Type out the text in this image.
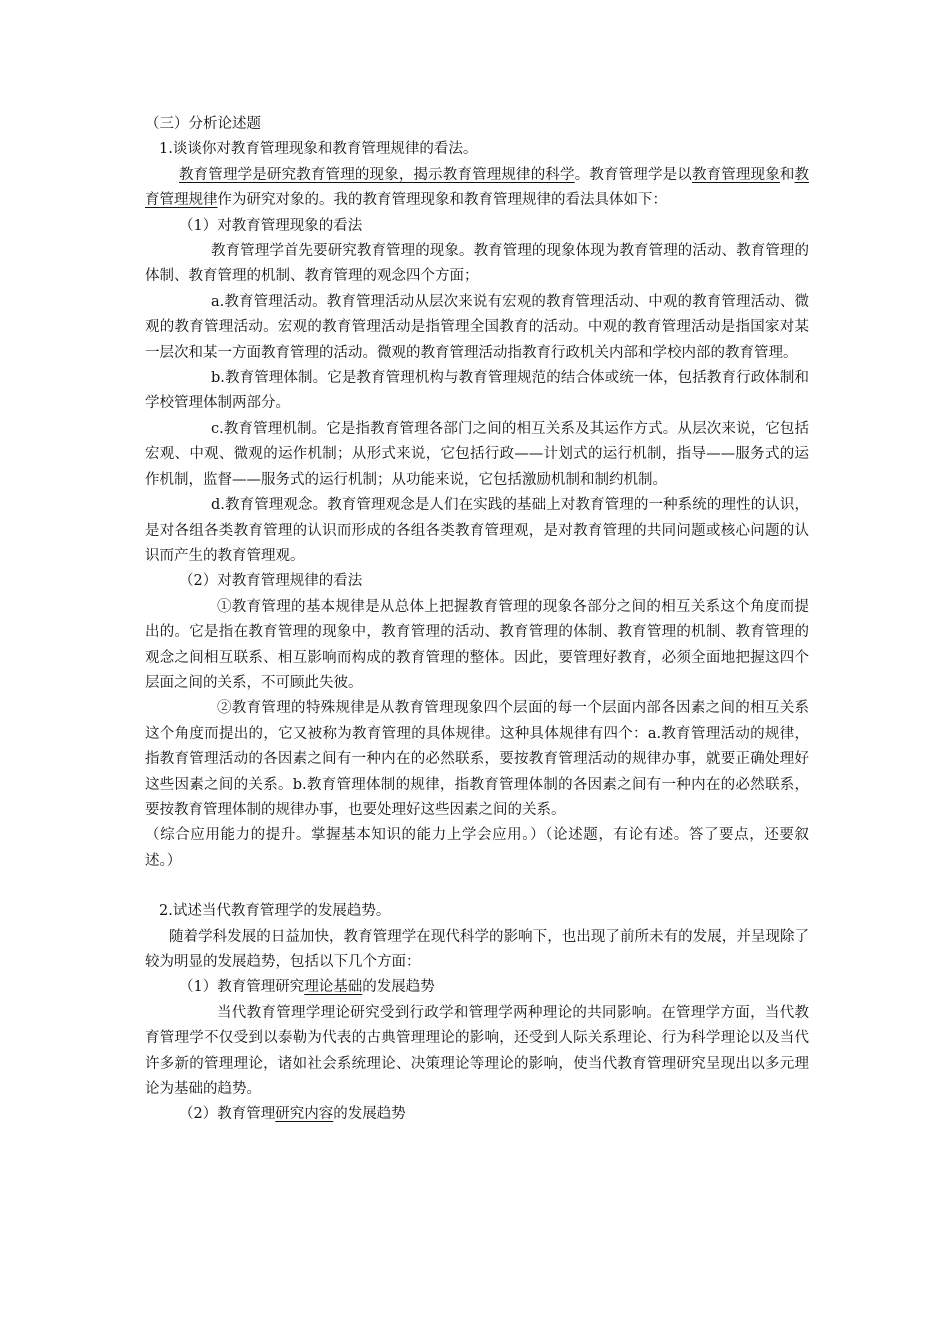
（三）分析论述题

1.谈谈你对教育管理现象和教育管理规律的看法。

教育管理学是研究教育管理的现象，揭示教育管理规律的科学。教育管理学是以教育管理现象和教育管理规律作为研究对象的。我的教育管理现象和教育管理规律的看法具体如下：

（1）对教育管理现象的看法

教育管理学首先要研究教育管理的现象。教育管理的现象体现为教育管理的活动、教育管理的体制、教育管理的机制、教育管理的观念四个方面；

a.教育管理活动。教育管理活动从层次来说有宏观的教育管理活动、中观的教育管理活动、微观的教育管理活动。宏观的教育管理活动是指管理全国教育的活动。中观的教育管理活动是指国家对某一层次和某一方面教育管理的活动。微观的教育管理活动指教育行政机关内部和学校内部的教育管理。

b.教育管理体制。它是教育管理机构与教育管理规范的结合体或统一体，包括教育行政体制和学校管理体制两部分。

c.教育管理机制。它是指教育管理各部门之间的相互关系及其运作方式。从层次来说，它包括宏观、中观、微观的运作机制；从形式来说，它包括行政——计划式的运行机制，指导——服务式的运作机制，监督——服务式的运行机制；从功能来说，它包括激励机制和制约机制。

d.教育管理观念。教育管理观念是人们在实践的基础上对教育管理的一种系统的理性的认识，是对各组各类教育管理的认识而形成的各组各类教育管理观，是对教育管理的共同问题或核心问题的认识而产生的教育管理观。

（2）对教育管理规律的看法

①教育管理的基本规律是从总体上把握教育管理的现象各部分之间的相互关系这个角度而提出的。它是指在教育管理的现象中，教育管理的活动、教育管理的体制、教育管理的机制、教育管理的观念之间相互联系、相互影响而构成的教育管理的整体。因此，要管理好教育，必须全面地把握这四个层面之间的关系，不可顾此失彼。

②教育管理的特殊规律是从教育管理现象四个层面的每一个层面内部各因素之间的相互关系这个角度而提出的，它又被称为教育管理的具体规律。这种具体规律有四个：a.教育管理活动的规律，指教育管理活动的各因素之间有一种内在的必然联系，要按教育管理活动的规律办事，就要正确处理好这些因素之间的关系。b.教育管理体制的规律，指教育管理体制的各因素之间有一种内在的必然联系，要按教育管理体制的规律办事，也要处理好这些因素之间的关系。

（综合应用能力的提升。掌握基本知识的能力上学会应用。）（论述题，有论有述。答了要点，还要叙述。）

2.试述当代教育管理学的发展趋势。

随着学科发展的日益加快，教育管理学在现代科学的影响下，也出现了前所未有的发展，并呈现除了较为明显的发展趋势，包括以下几个方面：

（1）教育管理研究理论基础的发展趋势

当代教育管理学理论研究受到行政学和管理学两种理论的共同影响。在管理学方面，当代教育管理学不仅受到以泰勒为代表的古典管理理论的影响，还受到人际关系理论、行为科学理论以及当代许多新的管理理论，诸如社会系统理论、决策理论等理论的影响，使当代教育管理研究呈现出以多元理论为基础的趋势。

（2）教育管理研究内容的发展趋势
